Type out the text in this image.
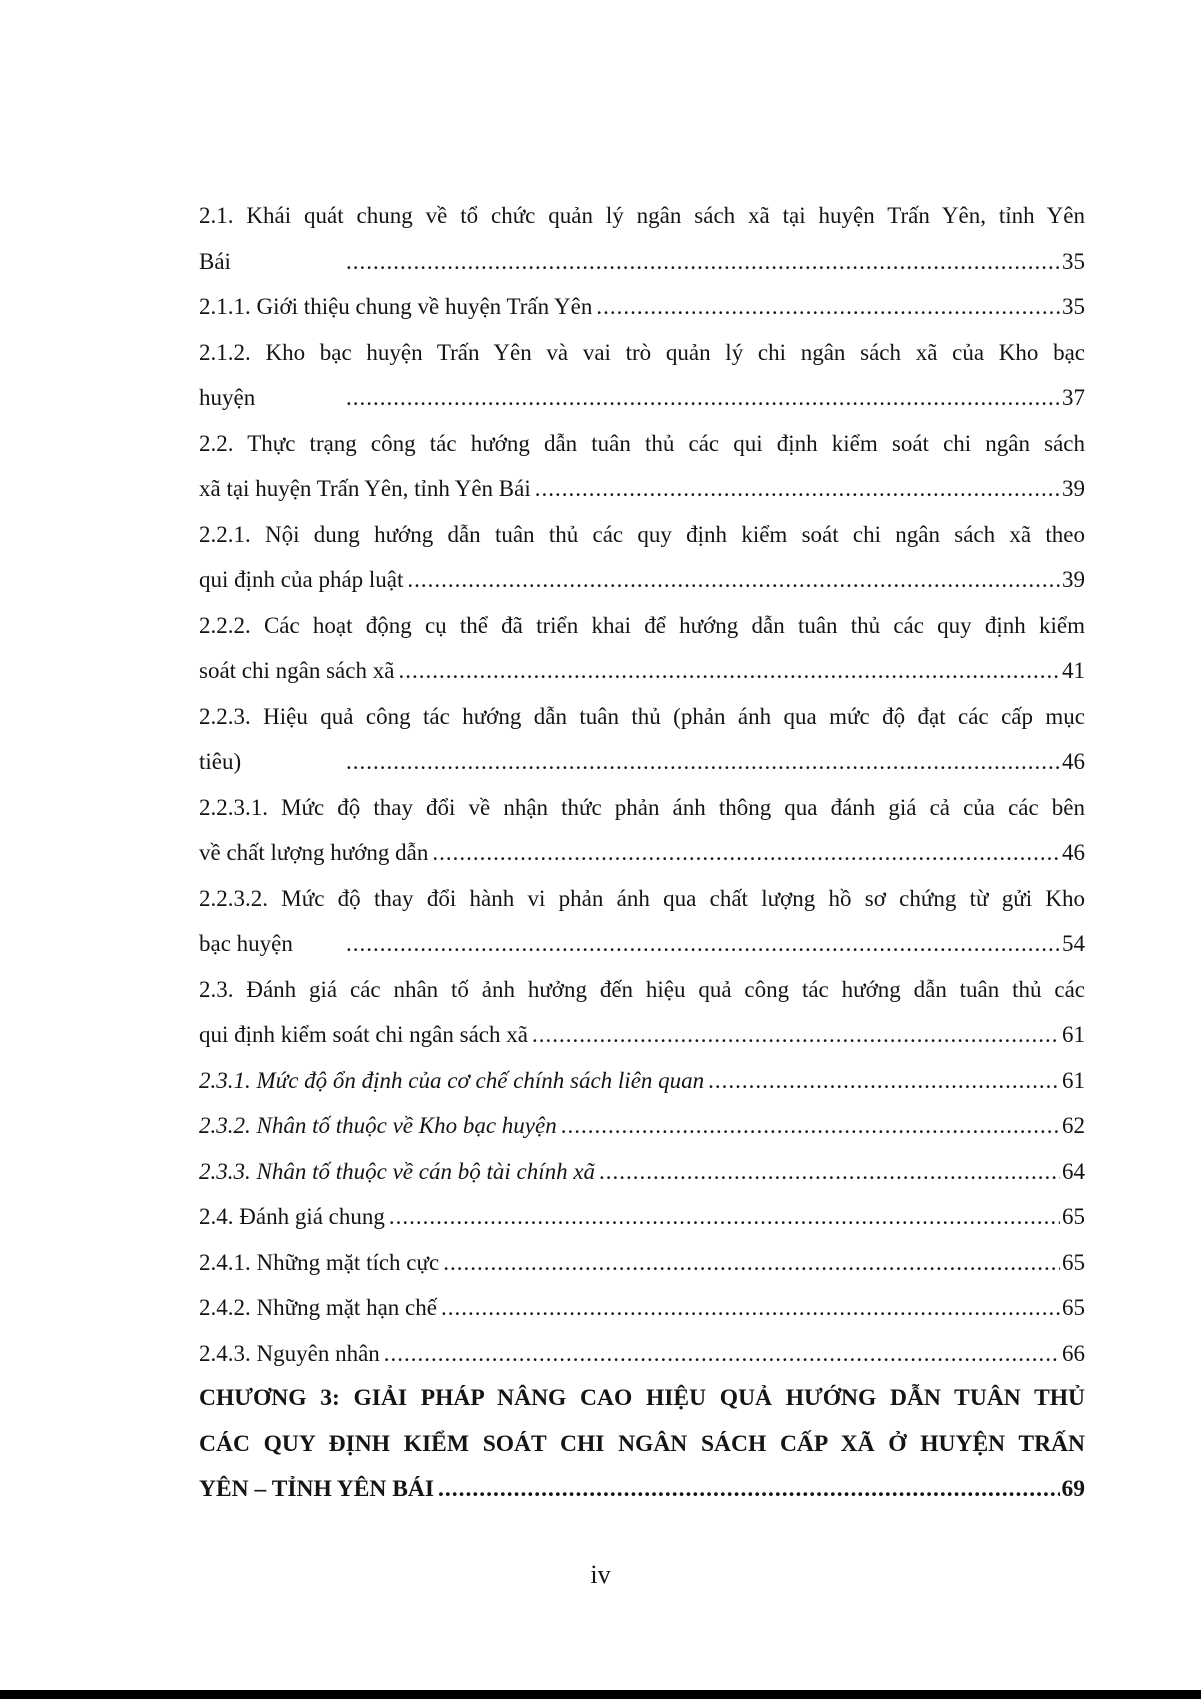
2.1. Khái quát chung về tổ chức quản lý ngân sách xã tại huyện Trấn Yên, tỉnh Yên
Bái .....	35
2.1.1. Giới thiệu chung về huyện Trấn Yên .....	35
2.1.2. Kho bạc huyện Trấn Yên và vai trò quản lý chi ngân sách xã của Kho bạc
huyện .....	37
2.2. Thực trạng công tác hướng dẫn tuân thủ các qui định kiểm soát chi ngân sách
xã tại huyện Trấn Yên, tỉnh Yên Bái .....	39
2.2.1. Nội dung hướng dẫn tuân thủ các quy định kiểm soát chi ngân sách xã theo
qui định của pháp luật .....	39
2.2.2. Các hoạt động cụ thể đã triển khai để hướng dẫn tuân thủ các quy định kiểm
soát chi ngân sách xã .....	41
2.2.3. Hiệu quả công tác hướng dẫn tuân thủ (phản ánh qua mức độ đạt các cấp mục
tiêu) .....	46
2.2.3.1. Mức độ thay đổi về nhận thức phản ánh thông qua đánh giá cả của các bên
về chất lượng hướng dẫn .....	46
2.2.3.2. Mức độ thay đổi hành vi phản ánh qua chất lượng hồ sơ chứng từ gửi Kho
bạc huyện .....	54
2.3. Đánh giá các nhân tố ảnh hưởng đến hiệu quả công tác hướng dẫn tuân thủ các
qui định kiểm soát chi ngân sách xã .....	61
2.3.1. Mức độ ổn định của cơ chế chính sách liên quan .....	61
2.3.2. Nhân tố thuộc về Kho bạc huyện .....	62
2.3.3. Nhân tố thuộc về cán bộ tài chính xã .....	64
2.4. Đánh giá chung .....	65
2.4.1. Những mặt tích cực .....	65
2.4.2. Những mặt hạn chế .....	65
2.4.3. Nguyên nhân .....	66
CHƯƠNG 3: GIẢI PHÁP NÂNG CAO HIỆU QUẢ HƯỚNG DẪN TUÂN THỦ
CÁC QUY ĐỊNH KIỂM SOÁT CHI NGÂN SÁCH CẤP XÃ Ở HUYỆN TRẤN
YÊN – TỈNH YÊN BÁI .....	69
iv
